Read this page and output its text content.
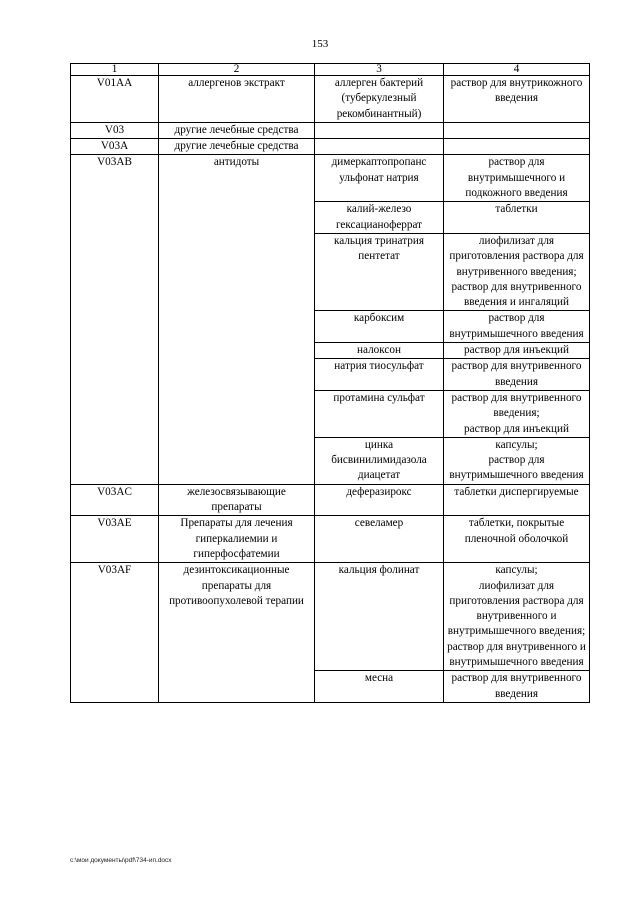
153
1	2	3	4
V01AA	аллергенов экстракт	аллерген бактерий (туберкулезный рекомбинантный)	раствор для внутрикожного введения
V03	другие лечебные средства		
V03A	другие лечебные средства		
V03AB	антидоты	димеркаптопропанс ульфонат натрия	раствор для внутримышечного и подкожного введения
		калий-железо гексацианоферрат	таблетки
		кальция тринатрия пентетат	лиофилизат для приготовления раствора для внутривенного введения;
раствор для внутривенного введения и ингаляций
		карбоксим	раствор для внутримышечного введения
		налоксон	раствор для инъекций
		натрия тиосульфат	раствор для внутривенного введения
		протамина сульфат	раствор для внутривенного введения;
раствор для инъекций
		цинка бисвинилимидазола диацетат	капсулы;
раствор для внутримышечного введения
V03AC	железосвязывающие препараты	деферазирокс	таблетки диспергируемые
V03AE	Препараты для лечения гиперкалиемии и гиперфосфатемии	севеламер	таблетки, покрытые пленочной оболочкой
V03AF	дезинтоксикационные препараты для противоопухолевой терапии	кальция фолинат	капсулы;
лиофилизат для приготовления раствора для внутривенного и внутримышечного введения;
раствор для внутривенного и внутримышечного введения
		месна	раствор для внутривенного введения
c:\мои документы\pdf\734-ип.docx
